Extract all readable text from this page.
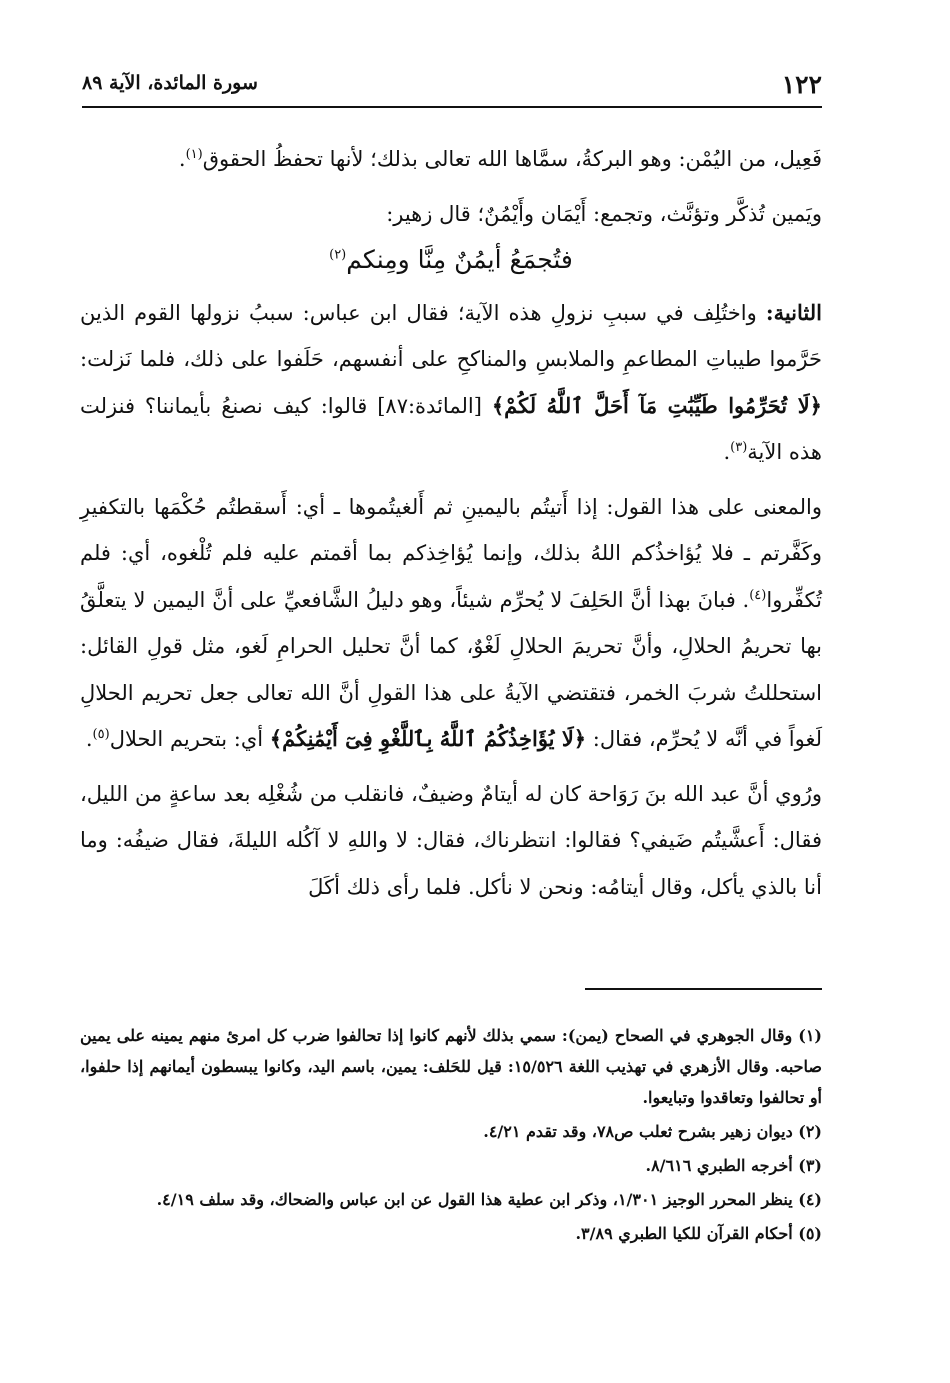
١٢٢
سورة المائدة، الآية ٨٩

فَعِيل، من اليُمْن: وهو البركةُ، سمَّاها الله تعالى بذلك؛ لأنها تحفظُ الحقوق$^{(١)}$.

ويَمين تُذكَّر وتؤنَّث، وتجمع: أَيْمَان وأَيْمُنٌ؛ قال زهير:

فتُجمَعُ أيمُنٌ مِنَّا ومِنكم$^{(٢)}$

الثانية: واختُلِف في سببِ نزولِ هذه الآية؛ فقال ابن عباس: سببُ نزولها القوم الذين حَرَّموا طيباتِ المطاعمِ والملابسِ والمناكحِ على أنفسهم، حَلَفوا على ذلك، فلما نَزلت: ﴿لَا تُحَرِّمُوا طَيِّبَٰتِ مَآ أَحَلَّ ٱللَّهُ لَكُمْ﴾ [المائدة:٨٧] قالوا: كيف نصنعُ بأيماننا؟ فنزلت هذه الآية$^{(٣)}$.

والمعنى على هذا القول: إذا أَتيتُم باليمينِ ثم أَلغيتُموها ـ أي: أَسقطتُم حُكْمَها بالتكفيرِ وكَفَّرتم ـ فلا يُؤاخذُكم اللهُ بذلك، وإنما يُؤاخِذكم بما أقمتم عليه فلم تُلْغوه، أي: فلم تُكفِّروا$^{(٤)}$. فبانَ بهذا أنَّ الحَلِفَ لا يُحرِّم شيئاً، وهو دليلُ الشَّافعيِّ على أنَّ اليمين لا يتعلَّقُ بها تحريمُ الحلالِ، وأنَّ تحريمَ الحلالِ لَغْوٌ، كما أنَّ تحليل الحرامِ لَغو، مثل قولِ القائل: استحللتُ شربَ الخمر، فتقتضي الآيةُ على هذا القولِ أنَّ الله تعالى جعل تحريم الحلالِ لَغواً في أنَّه لا يُحرِّم، فقال: ﴿لَا يُؤَاخِذُكُمُ ٱللَّهُ بِٱللَّغْوِ فِىٓ أَيْمَٰنِكُمْ﴾ أي: بتحريم الحلال$^{(٥)}$.

ورُوي أنَّ عبد الله بنَ رَوَاحة كان له أيتامٌ وضيفٌ، فانقلب من شُغْلِه بعد ساعةٍ من الليل، فقال: أَعشَّيتُم ضَيفي؟ فقالوا: انتظرناك، فقال: لا واللهِ لا آكُله الليلةَ، فقال ضيفُه: وما أنا بالذي يأكل، وقال أيتامُه: ونحن لا نأكل. فلما رأى ذلك أكَلَ

(١) وقال الجوهري في الصحاح (يمن): سمي بذلك لأنهم كانوا إذا تحالفوا ضرب كل امرئ منهم يمينه على يمين صاحبه. وقال الأزهري في تهذيب اللغة ١٥/٥٢٦: قيل للحَلف: يمين، باسم اليد، وكانوا يبسطون أيمانهم إذا حلفوا، أو تحالفوا وتعاقدوا وتبايعوا.
(٢) ديوان زهير بشرح ثعلب ص٧٨، وقد تقدم ٤/٢١.
(٣) أخرجه الطبري ٨/٦١٦.
(٤) ينظر المحرر الوجيز ١/٣٠١، وذكر ابن عطية هذا القول عن ابن عباس والضحاك، وقد سلف ٤/١٩.
(٥) أحكام القرآن للكيا الطبري ٣/٨٩.
